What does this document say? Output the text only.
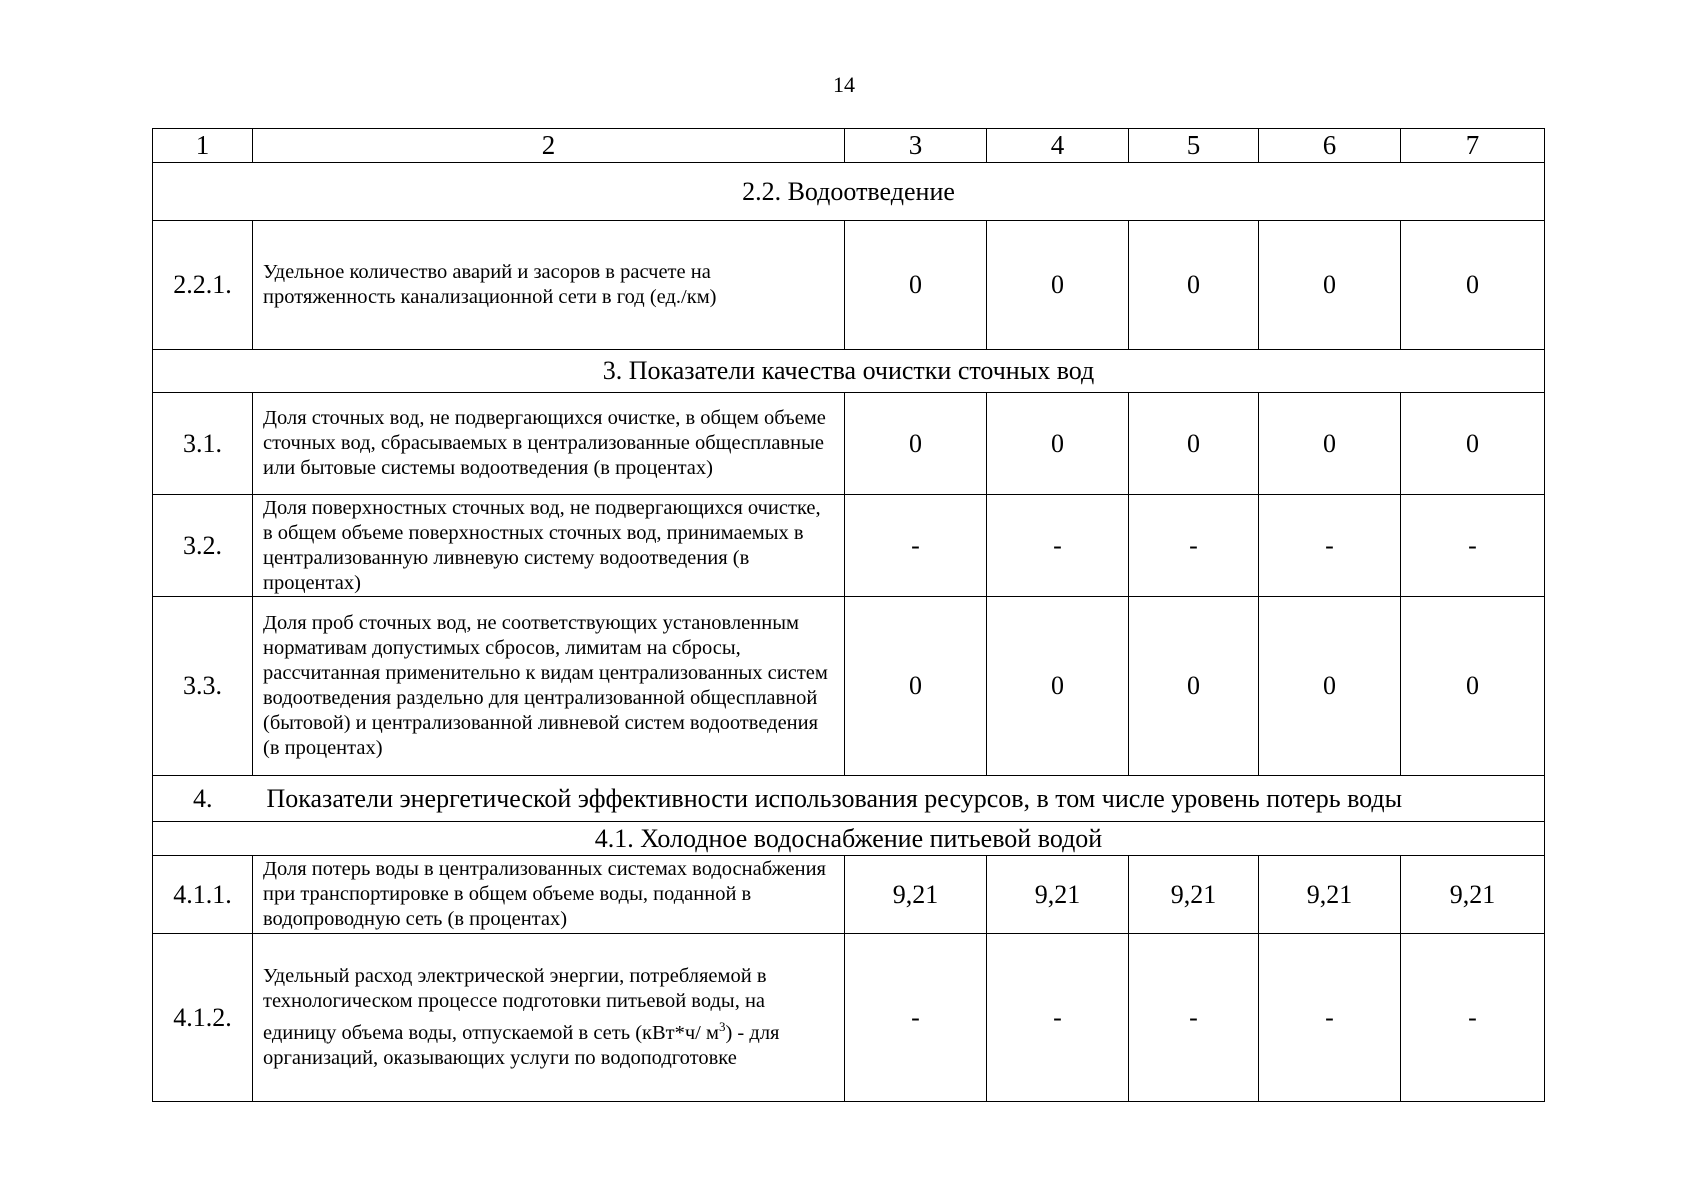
14
1	2	3	4	5	6	7
2.2. Водоотведение						
2.2.1.	Удельное количество аварий и засоров в расчете на протяженность канализационной сети в год (ед./км)	0	0	0	0	0
3. Показатели качества очистки сточных вод						
3.1.	Доля сточных вод, не подвергающихся очистке, в общем объеме сточных вод, сбрасываемых в централизованные общесплавные или бытовые системы водоотведения (в процентах)	0	0	0	0	0
3.2.	Доля поверхностных сточных вод, не подвергающихся очистке, в общем объеме поверхностных сточных вод, принимаемых в централизованную ливневую систему водоотведения (в процентах)	-	-	-	-	-
3.3.	Доля проб сточных вод, не соответствующих установленным нормативам допустимых сбросов, лимитам на сбросы, рассчитанная применительно к видам централизованных систем водоотведения раздельно для централизованной общесплавной (бытовой) и централизованной ливневой систем водоотведения (в процентах)	0	0	0	0	0
4.	Показатели энергетической эффективности использования ресурсов, в том числе уровень потерь воды					
4.1. Холодное водоснабжение питьевой водой						
4.1.1.	Доля потерь воды в централизованных системах водоснабжения при транспортировке в общем объеме воды, поданной в водопроводную сеть (в процентах)	9,21	9,21	9,21	9,21	9,21
4.1.2.	Удельный расход электрической энергии, потребляемой в технологическом процессе подготовки питьевой воды, на единицу объема воды, отпускаемой в сеть (кВт*ч/ $м^3$) - для организаций, оказывающих услуги по водоподготовке	-	-	-	-	-
